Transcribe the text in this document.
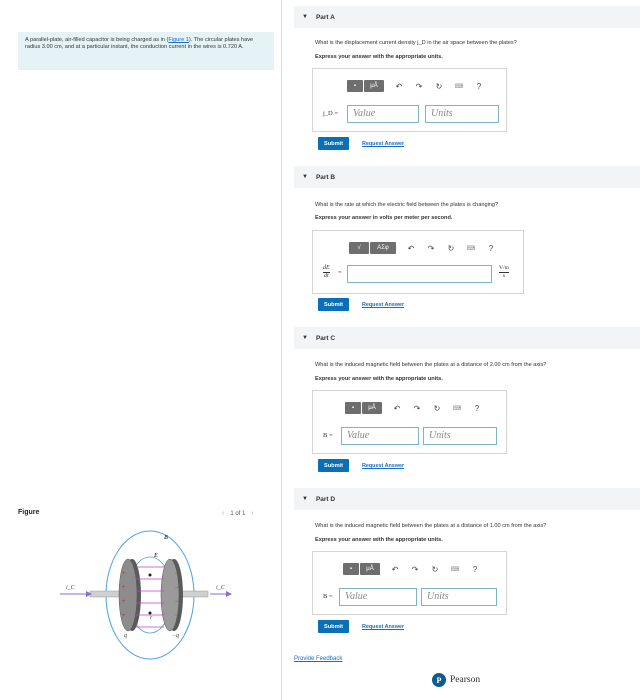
A parallel-plate, air-filled capacitor is being charged as in (Figure 1). The circular plates have radius 3.00 cm, and at a particular instant, the conduction current in the wires is 0.720 A.
Figure	‹ 1 of 1 ›
+
+
+
+
−
−
−
−
i_C	i_C
q	−q
E
B
r
▼ Part A
What is the displacement current density j_D in the air space between the plates?
Express your answer with the appropriate units.
▪	μÅ	↶ ↷ ↻ ⌨	?
j_D =	Value	Units
Submit	Request Answer
▼ Part B
What is the rate at which the electric field between the plates is changing?
Express your answer in volts per meter per second.
√	ΑΣφ	↶ ↷ ↻ ⌨	?
dE
dt =
V/m
s
Submit	Request Answer
▼ Part C
What is the induced magnetic field between the plates at a distance of 2.00 cm from the axis?
Express your answer with the appropriate units.
▪	μÅ	↶ ↷ ↻ ⌨	?
B =	Value	Units
Submit	Request Answer
▼ Part D
What is the induced magnetic field between the plates at a distance of 1.00 cm from the axis?
Express your answer with the appropriate units.
▪	μÅ	↶ ↷ ↻ ⌨	?
B =	Value	Units
Submit	Request Answer
Provide Feedback
P Pearson
